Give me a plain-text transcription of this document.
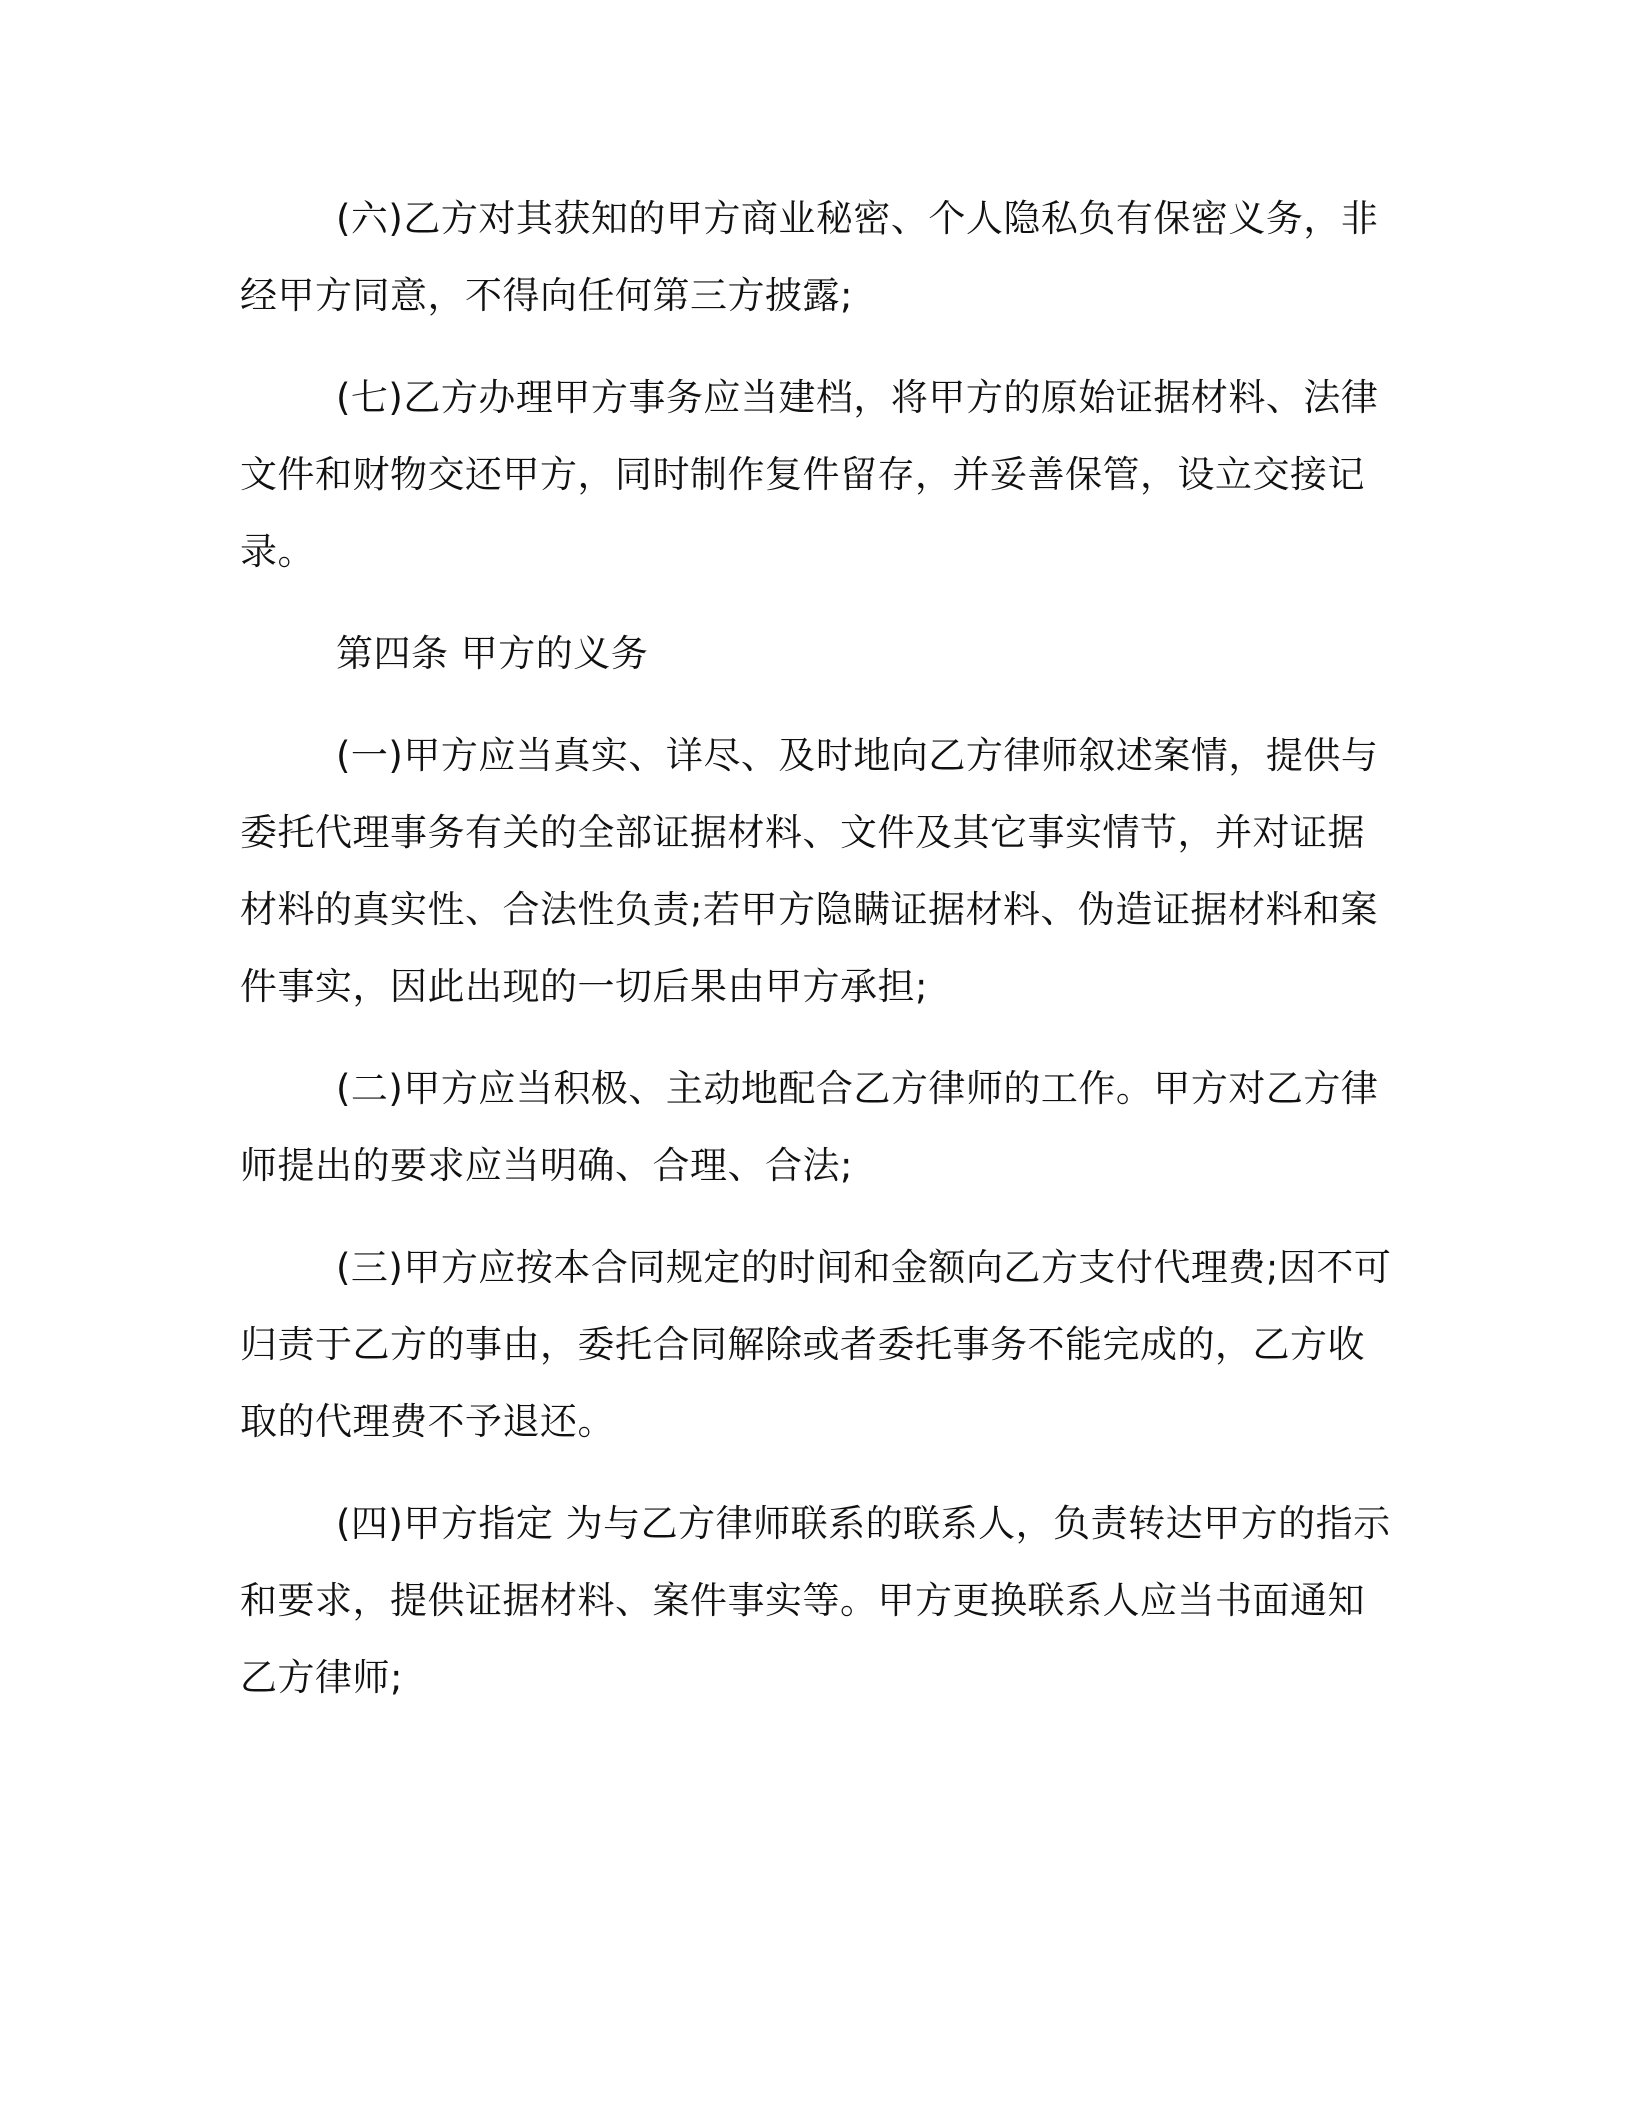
(六)乙方对其获知的甲方商业秘密、个人隐私负有保密义务，非经甲方同意，不得向任何第三方披露;

(七)乙方办理甲方事务应当建档，将甲方的原始证据材料、法律文件和财物交还甲方，同时制作复件留存，并妥善保管，设立交接记录。

第四条 甲方的义务

(一)甲方应当真实、详尽、及时地向乙方律师叙述案情，提供与委托代理事务有关的全部证据材料、文件及其它事实情节，并对证据材料的真实性、合法性负责;若甲方隐瞒证据材料、伪造证据材料和案件事实，因此出现的一切后果由甲方承担;

(二)甲方应当积极、主动地配合乙方律师的工作。甲方对乙方律师提出的要求应当明确、合理、合法;

(三)甲方应按本合同规定的时间和金额向乙方支付代理费;因不可归责于乙方的事由，委托合同解除或者委托事务不能完成的，乙方收取的代理费不予退还。

(四)甲方指定 为与乙方律师联系的联系人，负责转达甲方的指示和要求，提供证据材料、案件事实等。甲方更换联系人应当书面通知乙方律师;
